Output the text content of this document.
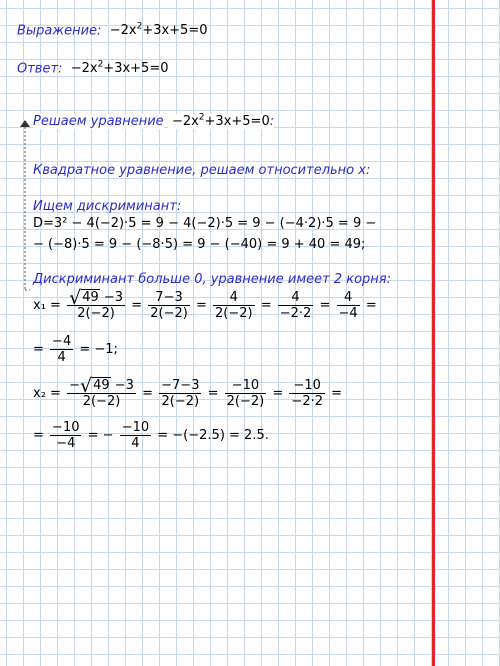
Выражение: $-2x^2+3x+5=0$
Ответ: $-2x^2+3x+5=0$
Решаем уравнение $-2x^2+3x+5=0$:
Квадратное уравнение, решаем относительно x:
Ищем дискриминант:
D=3² − 4(−2)·5 = 9 − 4(−2)·5 = 9 − (−4·2)·5 = 9 −
− (−8)·5 = 9 − (−8·5) = 9 − (−40) = 9 + 40 = 49;
Дискриминант больше 0, уравнение имеет 2 корня:
$x_1 = \frac{√49 -3}{2(-2)} = \frac{7-3}{2(-2)} = \frac{4}{2(-2)} = \frac{4}{-2\cdot 2} = \frac{4}{-4}$ =
= $\frac{-4}{4} = -1$;
$x_2 = \frac{-√49 -3}{2(-2)} = \frac{-7-3}{2(-2)} = \frac{-10}{2(-2)} = \frac{-10}{-2\cdot 2}$ =
= $\frac{-10}{-4}$ = − $\frac{-10}{4} = -(-2.5) = 2.5$.
